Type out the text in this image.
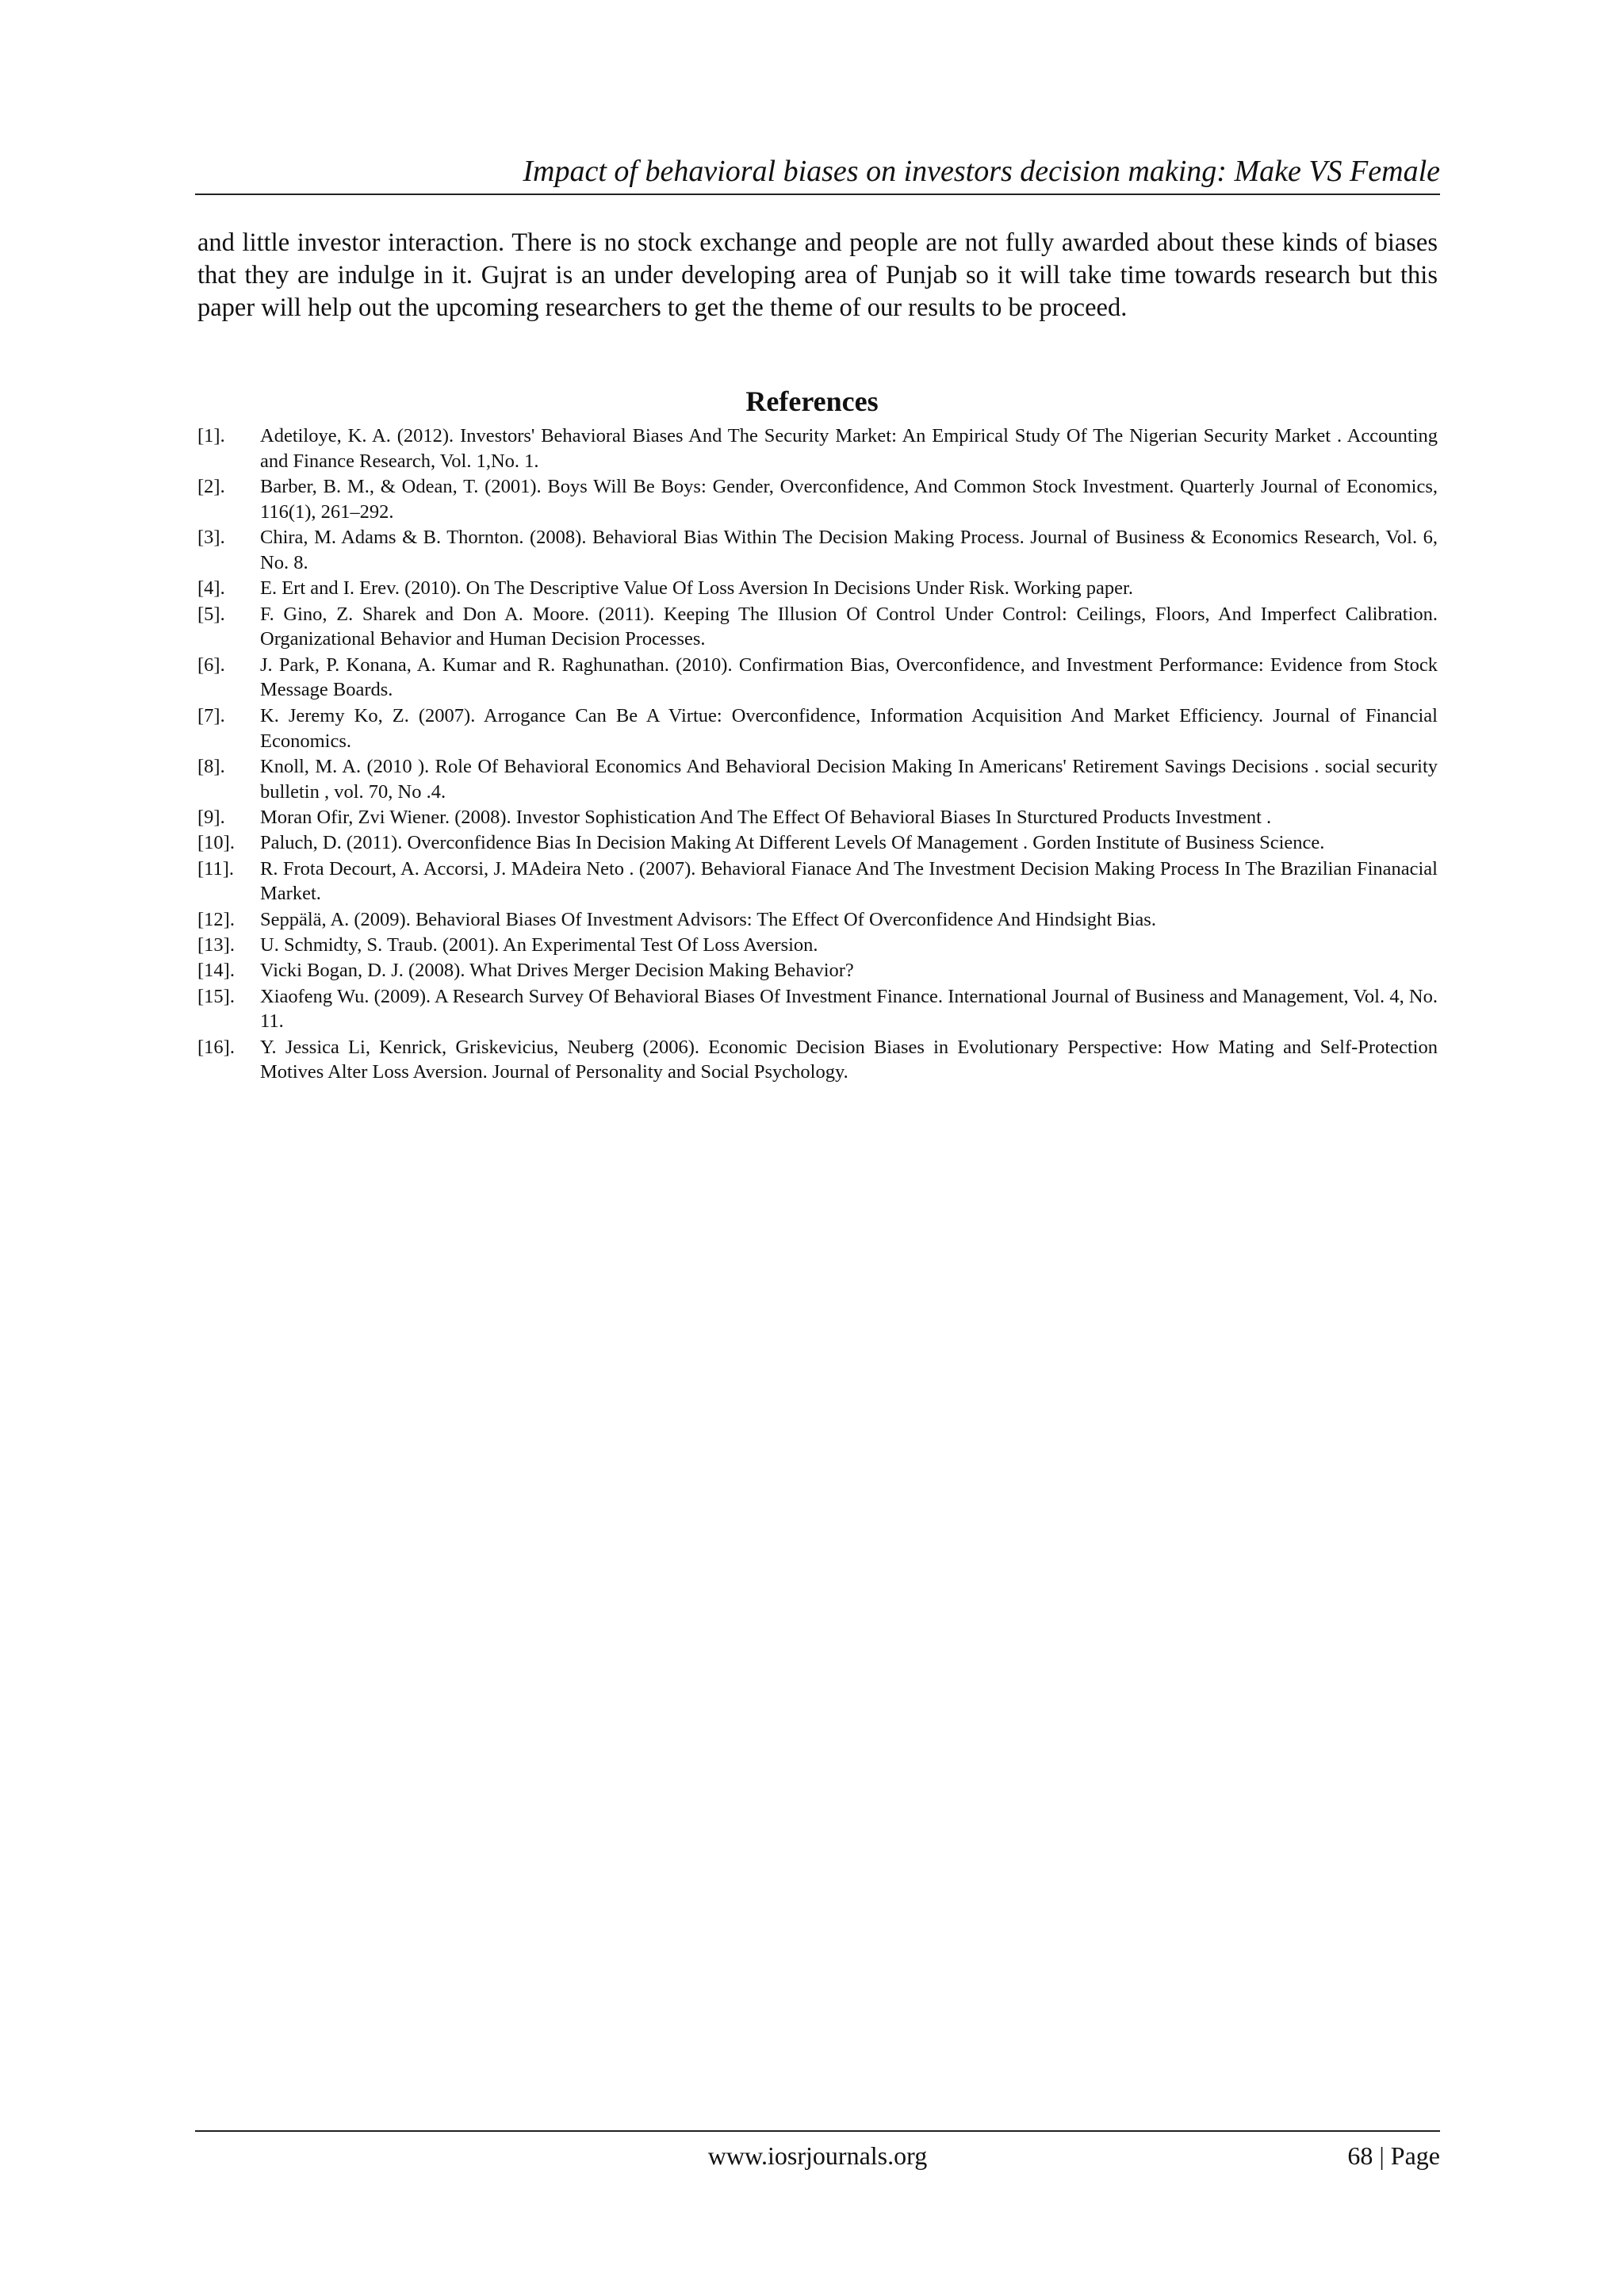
Impact of behavioral biases on investors decision making: Make VS Female

and little investor interaction. There is no stock exchange and people are not fully awarded about these kinds of biases that they are indulge in it. Gujrat is an under developing area of Punjab so it will take time towards research but this paper will help out the upcoming researchers to get the theme of our results to be proceed.

References
[1]. Adetiloye, K. A. (2012). Investors' Behavioral Biases And The Security Market: An Empirical Study Of The Nigerian Security Market . Accounting and Finance Research, Vol. 1,No. 1.
[2]. Barber, B. M., & Odean, T. (2001). Boys Will Be Boys: Gender, Overconfidence, And Common Stock Investment. Quarterly Journal of Economics, 116(1), 261–292.
[3]. Chira, M. Adams & B. Thornton. (2008). Behavioral Bias Within The Decision Making Process. Journal of Business & Economics Research, Vol. 6, No. 8.
[4]. E. Ert and I. Erev. (2010). On The Descriptive Value Of Loss Aversion In Decisions Under Risk. Working paper.
[5]. F. Gino, Z. Sharek and Don A. Moore. (2011). Keeping The Illusion Of Control Under Control: Ceilings, Floors, And Imperfect Calibration. Organizational Behavior and Human Decision Processes.
[6]. J. Park, P. Konana, A. Kumar and R. Raghunathan. (2010). Confirmation Bias, Overconfidence, and Investment Performance: Evidence from Stock Message Boards.
[7]. K. Jeremy Ko, Z. (2007). Arrogance Can Be A Virtue: Overconfidence, Information Acquisition And Market Efficiency. Journal of Financial Economics.
[8]. Knoll, M. A. (2010 ). Role Of Behavioral Economics And Behavioral Decision Making In Americans' Retirement Savings Decisions . social security bulletin , vol. 70, No .4.
[9]. Moran Ofir, Zvi Wiener. (2008). Investor Sophistication And The Effect Of Behavioral Biases In Sturctured Products Investment .
[10]. Paluch, D. (2011). Overconfidence Bias In Decision Making At Different Levels Of Management . Gorden Institute of Business Science.
[11]. R. Frota Decourt, A. Accorsi, J. MAdeira Neto . (2007). Behavioral Fianace And The Investment Decision Making Process In The Brazilian Finanacial Market.
[12]. Seppälä, A. (2009). Behavioral Biases Of Investment Advisors: The Effect Of Overconfidence And Hindsight Bias.
[13]. U. Schmidty, S. Traub. (2001). An Experimental Test Of Loss Aversion.
[14]. Vicki Bogan, D. J. (2008). What Drives Merger Decision Making Behavior?
[15]. Xiaofeng Wu. (2009). A Research Survey Of Behavioral Biases Of Investment Finance. International Journal of Business and Management, Vol. 4, No. 11.
[16]. Y. Jessica Li, Kenrick, Griskevicius, Neuberg (2006). Economic Decision Biases in Evolutionary Perspective: How Mating and Self-Protection Motives Alter Loss Aversion. Journal of Personality and Social Psychology.
www.iosrjournals.org	68 | Page
